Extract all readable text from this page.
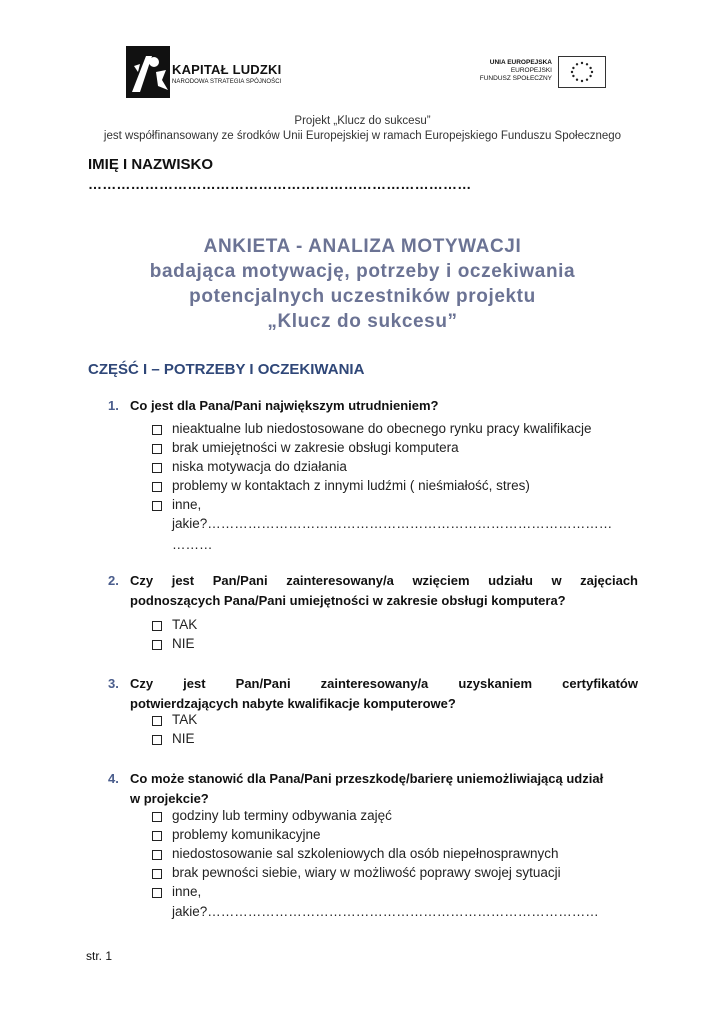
KAPITAŁ LUDZKI
NARODOWA STRATEGIA SPÓJNOŚCI
UNIA EUROPEJSKA
EUROPEJSKI
FUNDUSZ SPOŁECZNY
Projekt „Klucz do sukcesu”
jest współfinansowany ze środków Unii Europejskiej w ramach Europejskiego Funduszu Społecznego
IMIĘ I NAZWISKO
………………………………………………………………………
ANKIETA - ANALIZA MOTYWACJI
badająca motywację, potrzeby i oczekiwania
potencjalnych uczestników projektu
„Klucz do sukcesu”
CZĘŚĆ I – POTRZEBY I OCZEKIWANIA
1. Co jest dla Pana/Pani największym utrudnieniem?
nieaktualne lub niedostosowane do obecnego rynku pracy kwalifikacje
brak umiejętności w zakresie obsługi komputera
niska motywacja do działania
problemy w kontaktach z innymi ludźmi ( nieśmiałość, stres)
inne,
jakie?………………………………………………………………………………
………
2. Czy jest Pan/Pani zainteresowany/a wzięciem udziału w zajęciach
podnoszących Pana/Pani umiejętności w zakresie obsługi komputera?
TAK
NIE
3. Czy jest Pan/Pani zainteresowany/a uzyskaniem certyfikatów
potwierdzających nabyte kwalifikacje komputerowe?
TAK
NIE
4. Co może stanowić dla Pana/Pani przeszkodę/barierę uniemożliwiającą udział
w projekcie?
godziny lub terminy odbywania zajęć
problemy komunikacyjne
niedostosowanie sal szkoleniowych dla osób niepełnosprawnych
brak pewności siebie, wiary w możliwość poprawy swojej sytuacji
inne,
jakie?……………………………………………………………………………
str. 1
